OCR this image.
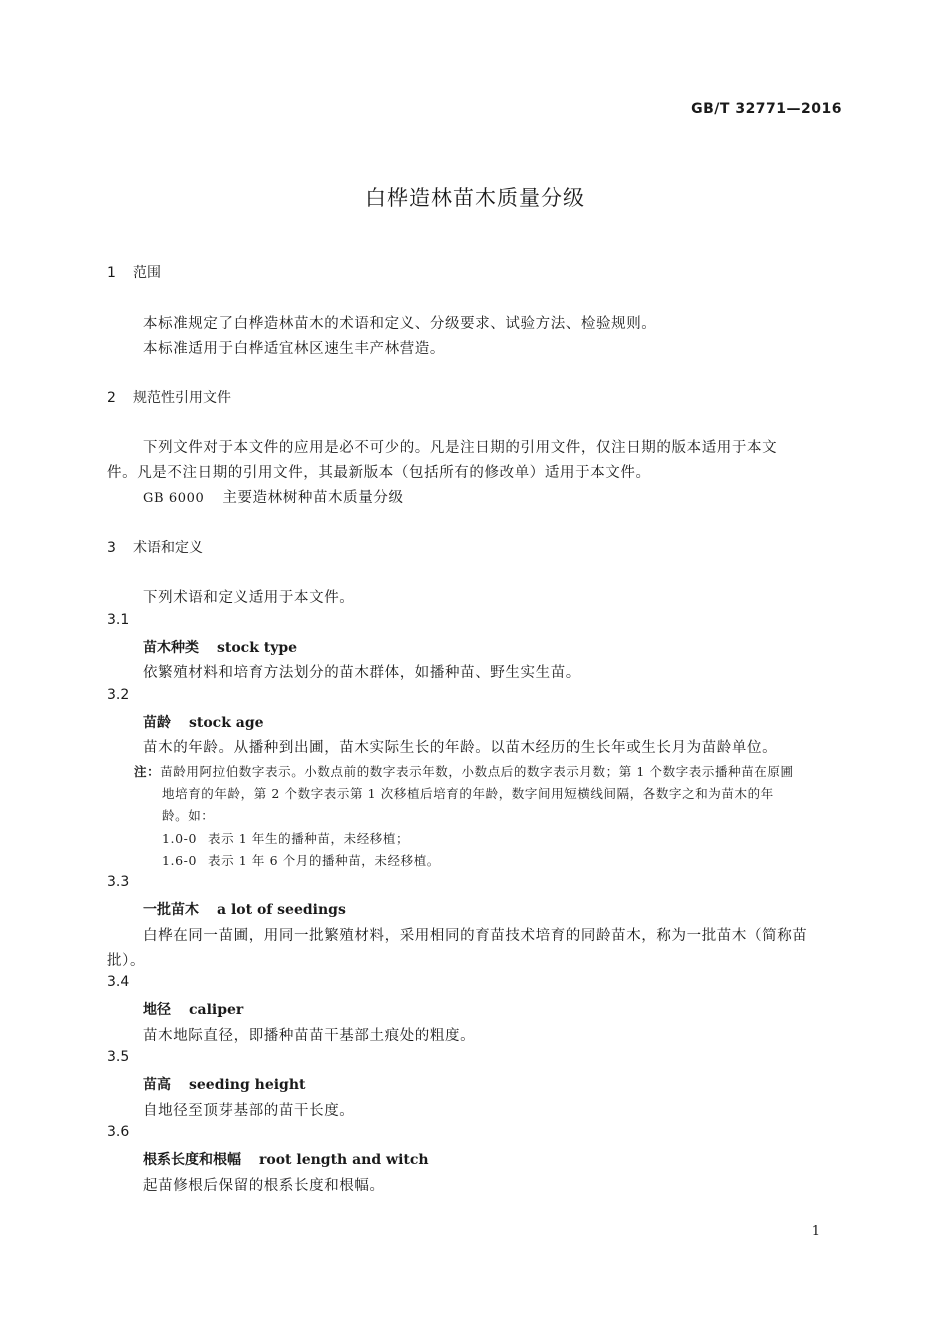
GB/T 32771—2016
白桦造林苗木质量分级
1 范围
本标准规定了白桦造林苗木的术语和定义、分级要求、试验方法、检验规则。
本标准适用于白桦适宜林区速生丰产林营造。
2 规范性引用文件
下列文件对于本文件的应用是必不可少的。凡是注日期的引用文件，仅注日期的版本适用于本文
件。凡是不注日期的引用文件，其最新版本（包括所有的修改单）适用于本文件。
GB 6000 主要造林树种苗木质量分级
3 术语和定义
下列术语和定义适用于本文件。
3.1
苗木种类 stock type
依繁殖材料和培育方法划分的苗木群体，如播种苗、野生实生苗。
3.2
苗龄 stock age
苗木的年龄。从播种到出圃，苗木实际生长的年龄。以苗木经历的生长年或生长月为苗龄单位。
注：苗龄用阿拉伯数字表示。小数点前的数字表示年数，小数点后的数字表示月数；第 1 个数字表示播种苗在原圃
地培育的年龄，第 2 个数字表示第 1 次移植后培育的年龄，数字间用短横线间隔，各数字之和为苗木的年
龄。如：
1.0-0 表示 1 年生的播种苗，未经移植；
1.6-0 表示 1 年 6 个月的播种苗，未经移植。
3.3
一批苗木 a lot of seedings
白桦在同一苗圃，用同一批繁殖材料，采用相同的育苗技术培育的同龄苗木，称为一批苗木（简称苗
批）。
3.4
地径 caliper
苗木地际直径，即播种苗苗干基部土痕处的粗度。
3.5
苗高 seeding height
自地径至顶芽基部的苗干长度。
3.6
根系长度和根幅 root length and witch
起苗修根后保留的根系长度和根幅。
1
